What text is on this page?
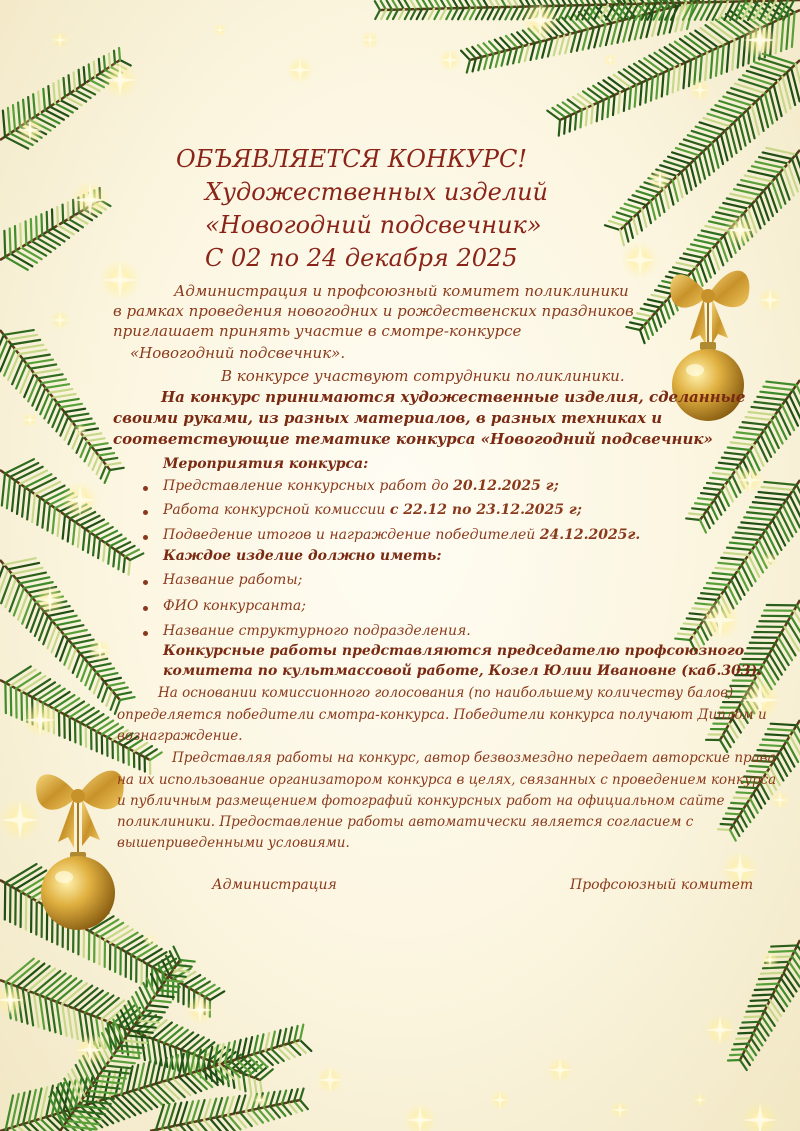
ОБЪЯВЛЯЕТСЯ КОНКУРС!
Художественных изделий
«Новогодний подсвечник»
С 02 по 24 декабря 2025
Администрация и профсоюзный комитет поликлиники
в рамках проведения новогодних и рождественских праздников
приглашает принять участие в смотре-конкурсе
«Новогодний подсвечник».
В конкурсе участвуют сотрудники поликлиники.
На конкурс принимаются художественные изделия, сделанные
своими руками, из разных материалов, в разных техниках и
соответствующие тематике конкурса «Новогодний подсвечник»
Мероприятия конкурса:
Представление конкурсных работ до 20.12.2025 г;
Работа конкурсной комиссии с 22.12 по 23.12.2025 г;
Подведение итогов и награждение победителей 24.12.2025г.
Каждое изделие должно иметь:
Название работы;
ФИО конкурсанта;
Название структурного подразделения.
Конкурсные работы представляются председателю профсоюзного
комитета по культмассовой работе, Козел Юлии Ивановне (каб.303).
На основании комиссионного голосования (по наибольшему количеству балов)
определяется победители смотра-конкурса. Победители конкурса получают Диплом и
вознаграждение.
Представляя работы на конкурс, автор безвозмездно передает авторские права
на их использование организатором конкурса в целях, связанных с проведением конкурса
и публичным размещением фотографий конкурсных работ на официальном сайте
поликлиники. Предоставление работы автоматически является согласием с
вышеприведенными условиями.
Администрация	Профсоюзный комитет
